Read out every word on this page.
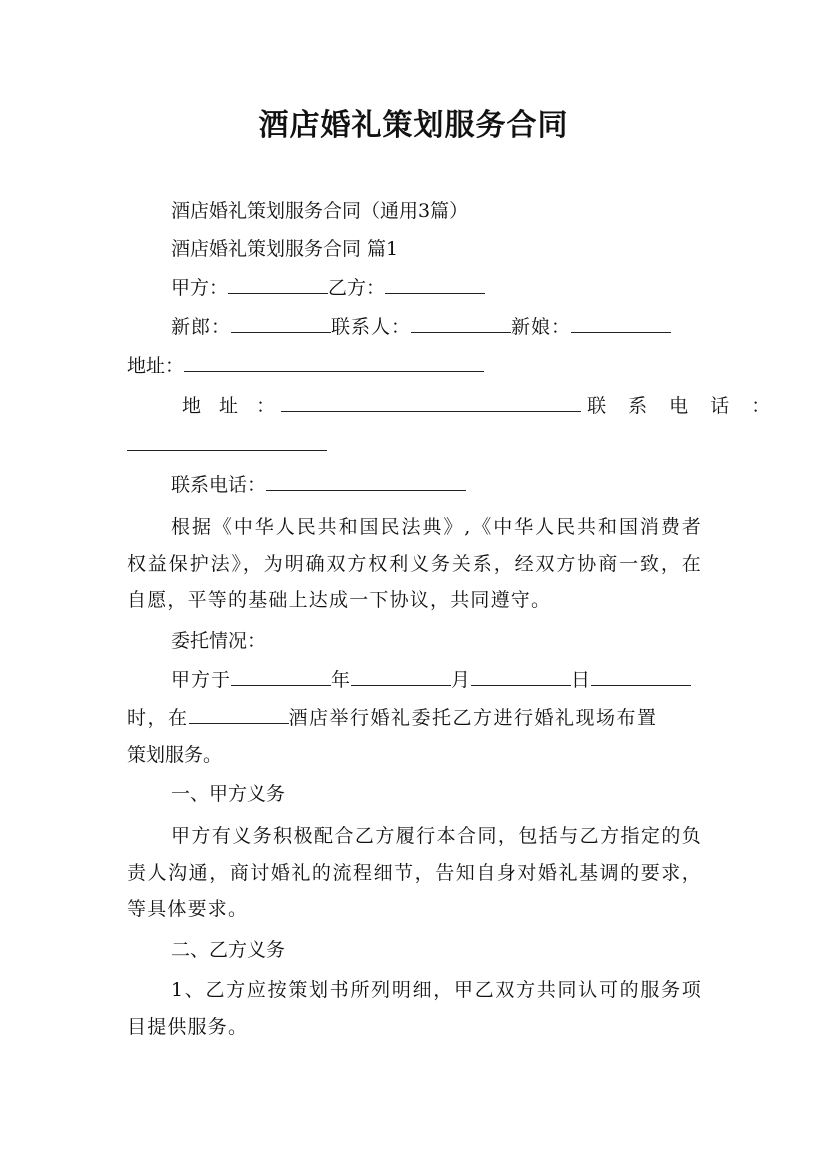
酒店婚礼策划服务合同
酒店婚礼策划服务合同（通用3篇）
酒店婚礼策划服务合同 篇1
甲方：	乙方：
新郎：	联系人：	新娘：
地址：
地 址 ：	联 系 电 话 ：
联系电话：

根据《中华人民共和国民法典》,《中华人民共和国消费者权益保护法》，为明确双方权利义务关系，经双方协商一致，在自愿，平等的基础上达成一下协议，共同遵守。

委托情况：
甲方于	年	月	日
时，在	酒店举行婚礼委托乙方进行婚礼现场布置
策划服务。
一、甲方义务

甲方有义务积极配合乙方履行本合同，包括与乙方指定的负责人沟通，商讨婚礼的流程细节，告知自身对婚礼基调的要求，等具体要求。

二、乙方义务

1、乙方应按策划书所列明细，甲乙双方共同认可的服务项目提供服务。
